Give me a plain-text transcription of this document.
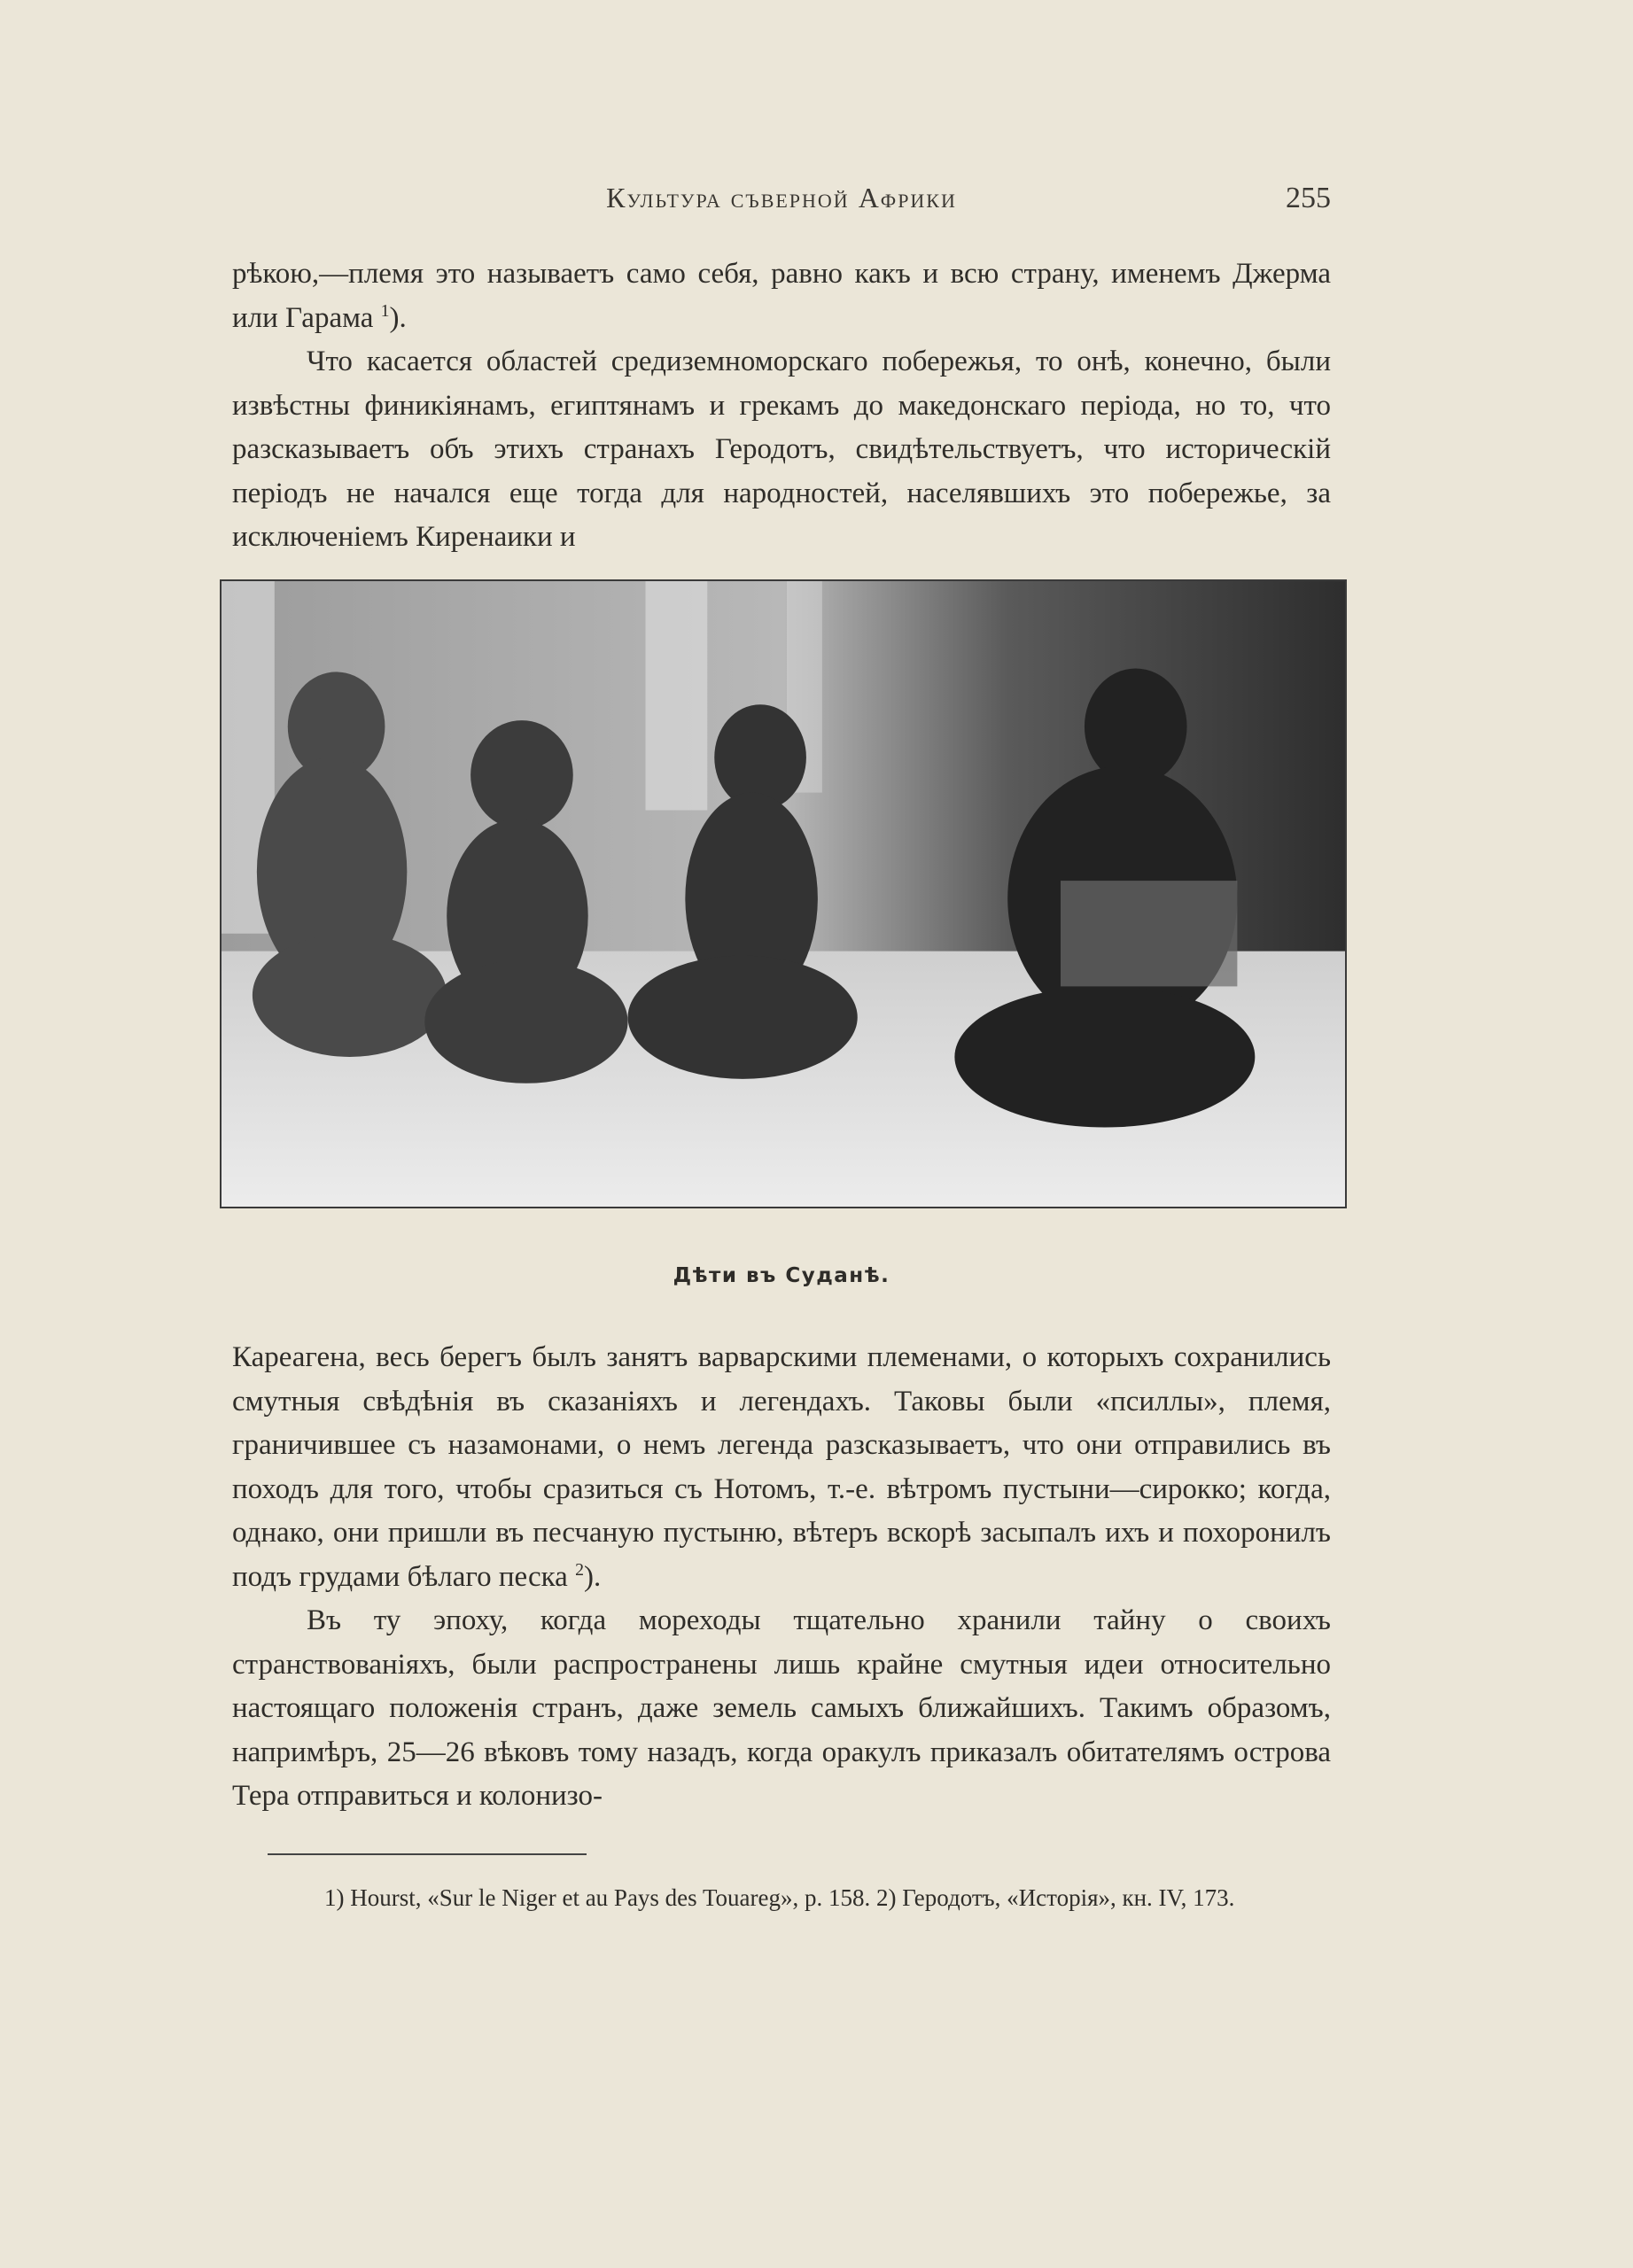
Культура съверной Африки	255

рѣкою,—племя это называетъ само себя, равно какъ и всю страну, именемъ Джерма или Гарама $^1$).

Что касается областей средиземноморскаго побережья, то онѣ, конечно, были извѣстны финикіянамъ, египтянамъ и грекамъ до македонскаго періода, но то, что разсказываетъ объ этихъ странахъ Геродотъ, свидѣтельствуетъ, что историческій періодъ не начался еще тогда для народностей, населявшихъ это побережье, за исключеніемъ Киренаики и

Дѣти въ Суданѣ.

Кареагена, весь берегъ былъ занятъ варварскими племенами, о которыхъ сохранились смутныя свѣдѣнія въ сказаніяхъ и легендахъ. Таковы были «псиллы», племя, граничившее съ назамонами, о немъ легенда разсказываетъ, что они отправились въ походъ для того, чтобы сразиться съ Нотомъ, т.-е. вѣтромъ пустыни—сирокко; когда, однако, они пришли въ песчаную пустыню, вѣтеръ вскорѣ засыпалъ ихъ и похоронилъ подъ грудами бѣлаго песка $^2$).

Въ ту эпоху, когда мореходы тщательно хранили тайну о своихъ странствованіяхъ, были распространены лишь крайне смутныя идеи относительно настоящаго положенія странъ, даже земель самыхъ ближайшихъ. Такимъ образомъ, напримѣръ, 25—26 вѣковъ тому назадъ, когда оракулъ приказалъ обитателямъ острова Тера отправиться и колонизо-

1) Hourst, «Sur le Niger et au Pays des Touareg», p. 158. 2) Геродотъ, «Исторія», кн. IV, 173.
